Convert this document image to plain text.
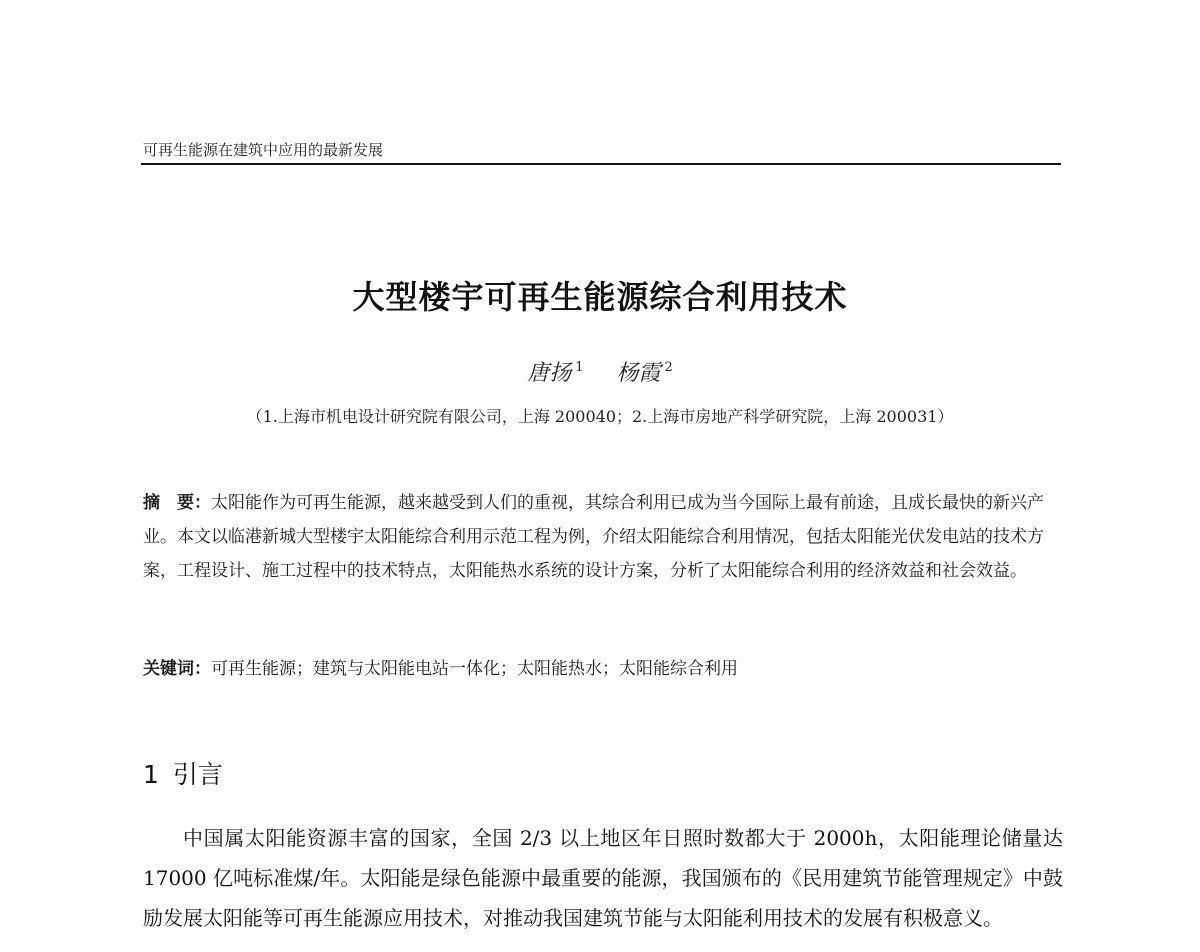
可再生能源在建筑中应用的最新发展
大型楼宇可再生能源综合利用技术
唐扬 $^1$ 杨霞 $^2$
（1.上海市机电设计研究院有限公司，上海 200040；2.上海市房地产科学研究院，上海 200031）
摘　要：太阳能作为可再生能源，越来越受到人们的重视，其综合利用已成为当今国际上最有前途，且成长最快的新兴产业。本文以临港新城大型楼宇太阳能综合利用示范工程为例，介绍太阳能综合利用情况，包括太阳能光伏发电站的技术方案，工程设计、施工过程中的技术特点，太阳能热水系统的设计方案，分析了太阳能综合利用的经济效益和社会效益。
关键词：可再生能源；建筑与太阳能电站一体化；太阳能热水；太阳能综合利用
1 引言
中国属太阳能资源丰富的国家，全国 2/3 以上地区年日照时数都大于 2000h，太阳能理论储量达 17000 亿吨标准煤/年。太阳能是绿色能源中最重要的能源，我国颁布的《民用建筑节能管理规定》中鼓励发展太阳能等可再生能源应用技术，对推动我国建筑节能与太阳能利用技术的发展有积极意义。
